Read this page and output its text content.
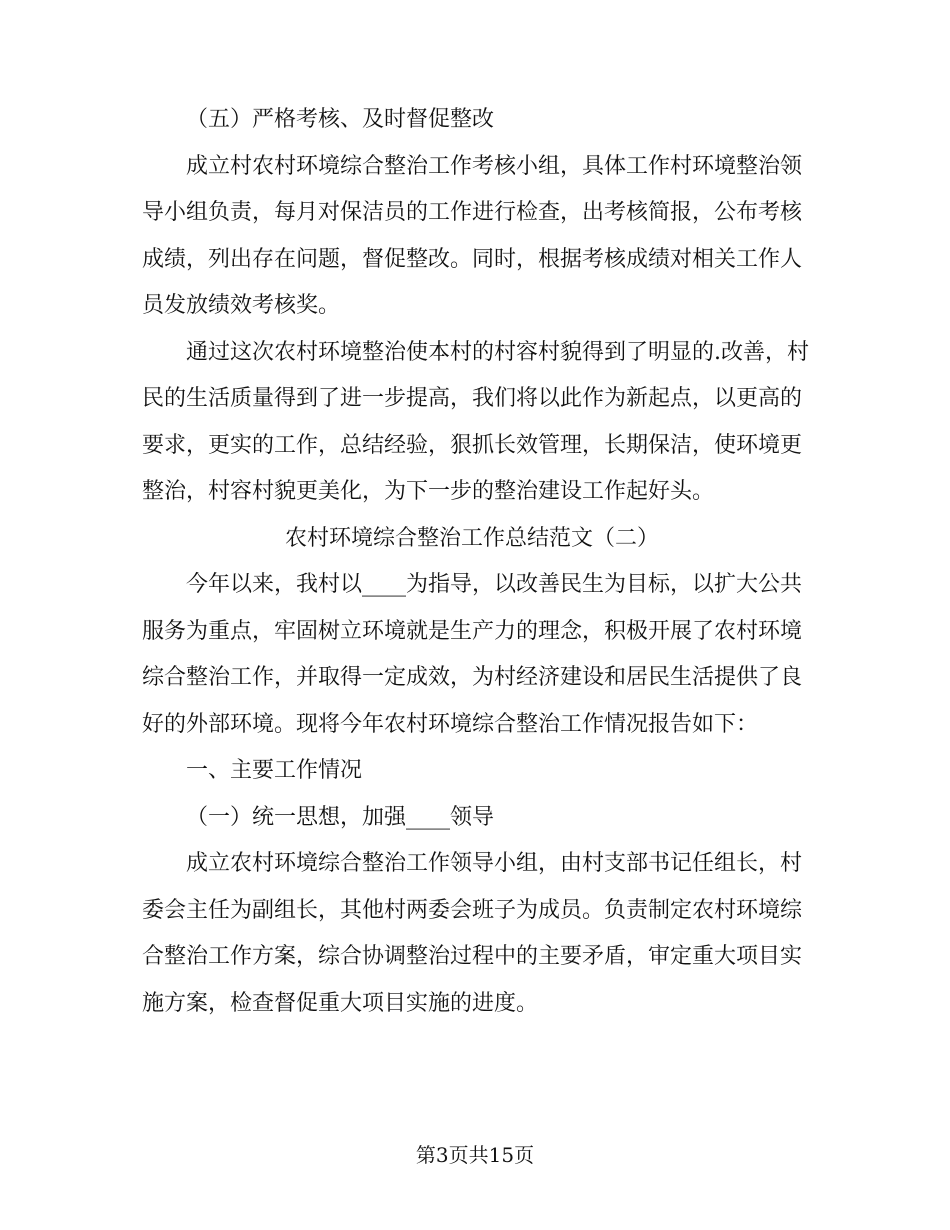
（五）严格考核、及时督促整改

成立村农村环境综合整治工作考核小组，具体工作村环境整治领

导小组负责，每月对保洁员的工作进行检查，出考核简报，公布考核

成绩，列出存在问题，督促整改。同时，根据考核成绩对相关工作人

员发放绩效考核奖。

通过这次农村环境整治使本村的村容村貌得到了明显的.改善，村

民的生活质量得到了进一步提高，我们将以此作为新起点，以更高的

要求，更实的工作，总结经验，狠抓长效管理，长期保洁，使环境更

整治，村容村貌更美化，为下一步的整治建设工作起好头。

农村环境综合整治工作总结范文（二）

今年以来，我村以____为指导，以改善民生为目标，以扩大公共

服务为重点，牢固树立环境就是生产力的理念，积极开展了农村环境

综合整治工作，并取得一定成效，为村经济建设和居民生活提供了良

好的外部环境。现将今年农村环境综合整治工作情况报告如下：

一、主要工作情况

（一）统一思想，加强____领导

成立农村环境综合整治工作领导小组，由村支部书记任组长，村

委会主任为副组长，其他村两委会班子为成员。负责制定农村环境综

合整治工作方案，综合协调整治过程中的主要矛盾，审定重大项目实

施方案，检查督促重大项目实施的进度。

第3页共15页
